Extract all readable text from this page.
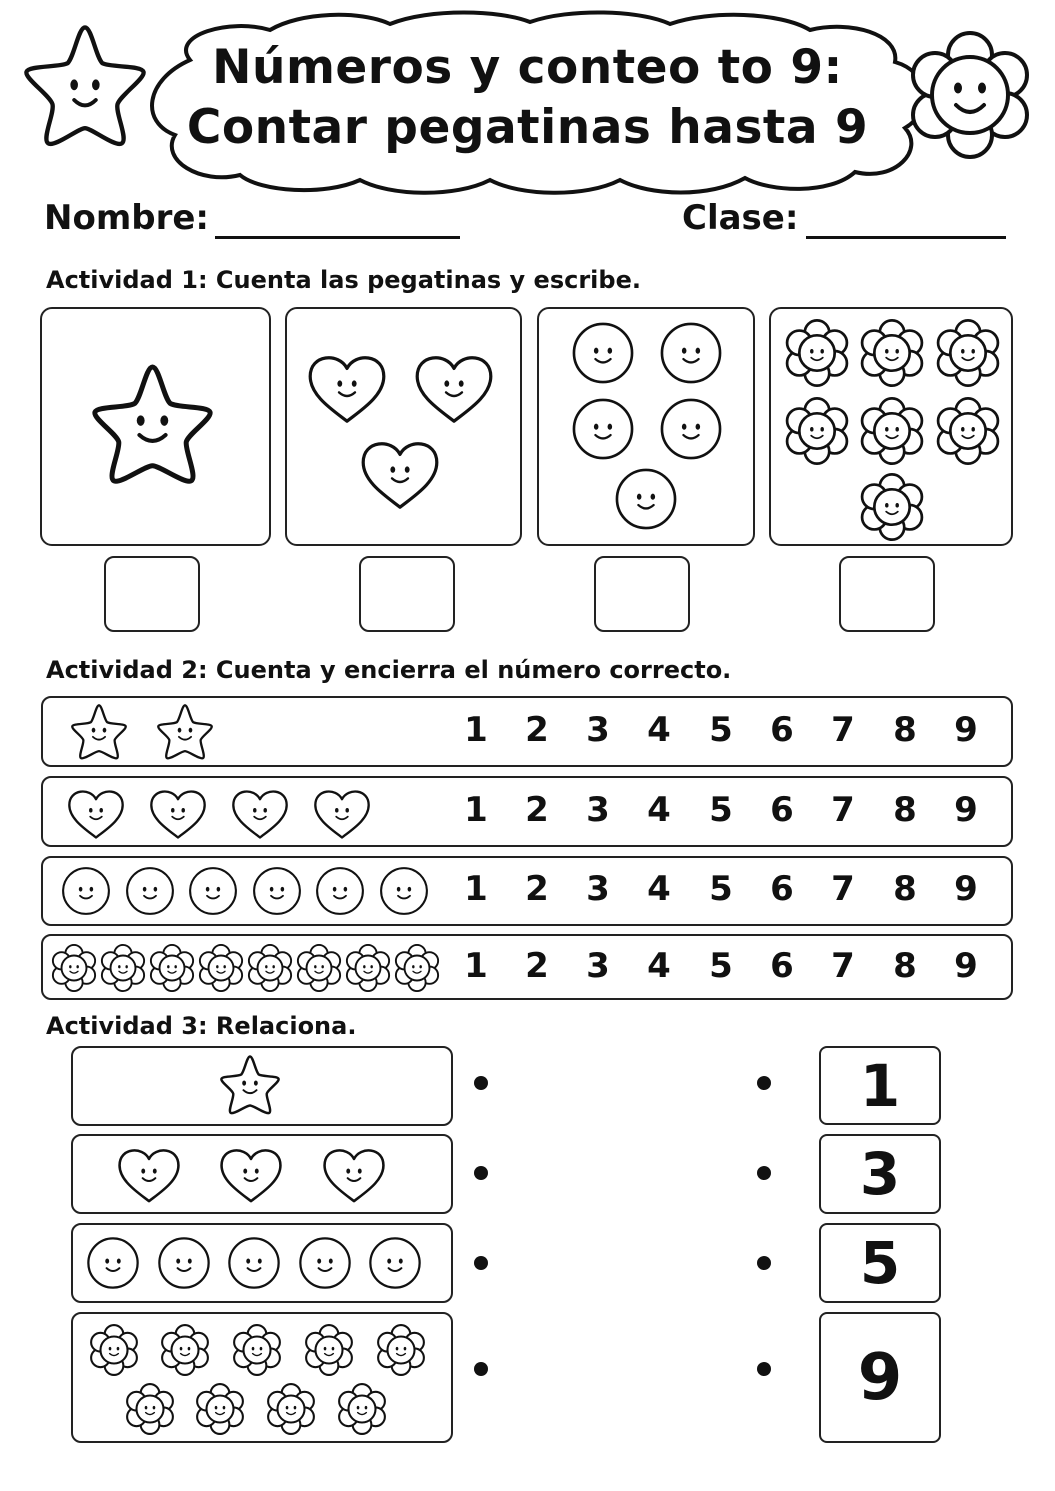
Números y conteo to 9:
Contar pegatinas hasta 9
Nombre:	Clase:
Actividad 1: Cuenta las pegatinas y escribe.
Actividad 2: Cuenta y encierra el número correcto.
1 2 3 4 5 6 7 8 9
1 2 3 4 5 6 7 8 9
1 2 3 4 5 6 7 8 9
1 2 3 4 5 6 7 8 9
Actividad 3: Relaciona.
1
3
5
9
